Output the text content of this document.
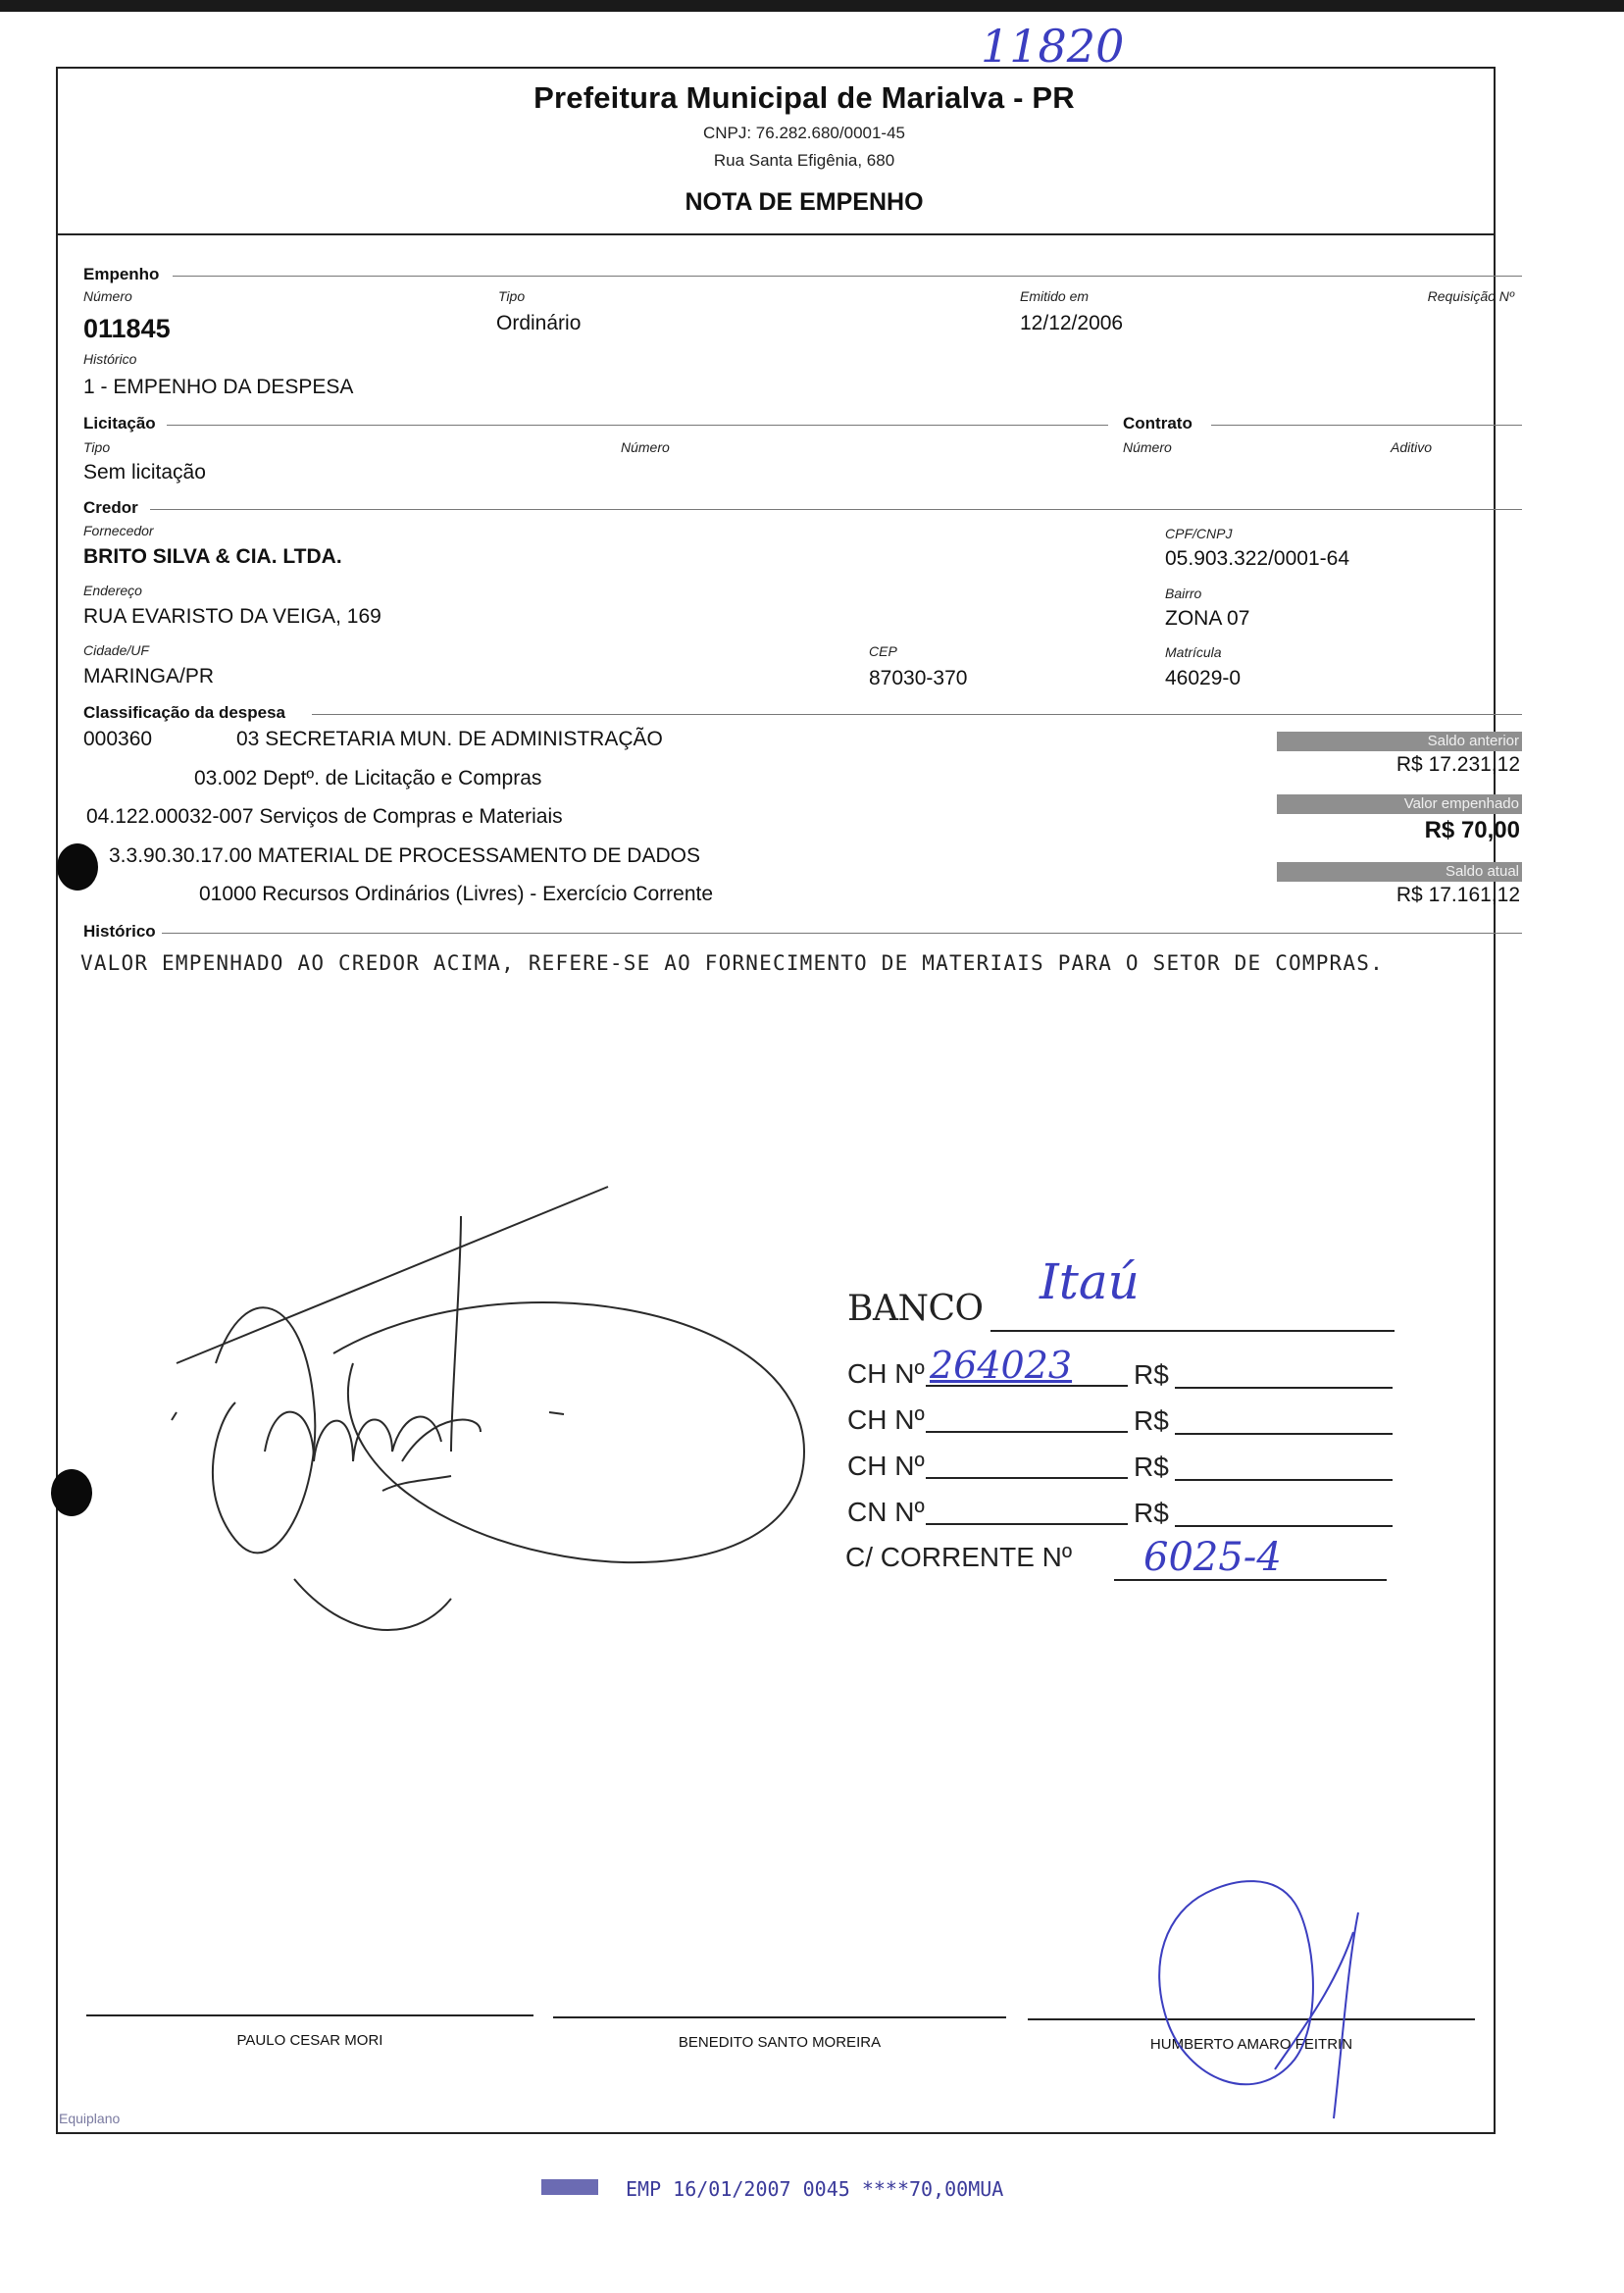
11820
Prefeitura Municipal de Marialva - PR
CNPJ: 76.282.680/0001-45
Rua Santa Efigênia, 680
NOTA DE EMPENHO
Empenho
Número
011845
Tipo
Ordinário
Emitido em
12/12/2006
Requisição Nº
Histórico
1 - EMPENHO DA DESPESA
Licitação	Contrato
Tipo
Sem licitação
Número	Número	Aditivo
Credor
Fornecedor
BRITO SILVA & CIA. LTDA.
CPF/CNPJ
05.903.322/0001-64
Endereço
RUA EVARISTO DA VEIGA, 169
Bairro
ZONA 07
Cidade/UF
MARINGA/PR
CEP
87030-370
Matrícula
46029-0
Classificação da despesa
000360	03 SECRETARIA MUN. DE ADMINISTRAÇÃO
03.002 Deptº. de Licitação e Compras
04.122.00032-007 Serviços de Compras e Materiais
3.3.90.30.17.00 MATERIAL DE PROCESSAMENTO DE DADOS
01000 Recursos Ordinários (Livres) - Exercício Corrente
Saldo anterior
R$ 17.231,12
Valor empenhado
R$ 70,00
Saldo atual
R$ 17.161,12
Histórico
VALOR EMPENHADO AO CREDOR ACIMA, REFERE-SE AO FORNECIMENTO DE MATERIAIS PARA O SETOR DE COMPRAS.
BANCO Itaú
CH Nº 264023 R$
CH Nº	R$
CH Nº	R$
CN Nº	R$
C/ CORRENTE Nº 6025-4
PAULO CESAR MORI	BENEDITO SANTO MOREIRA	HUMBERTO AMARO FEITRIN
Equiplano
EMP 16/01/2007 0045 ****70,00MUA
